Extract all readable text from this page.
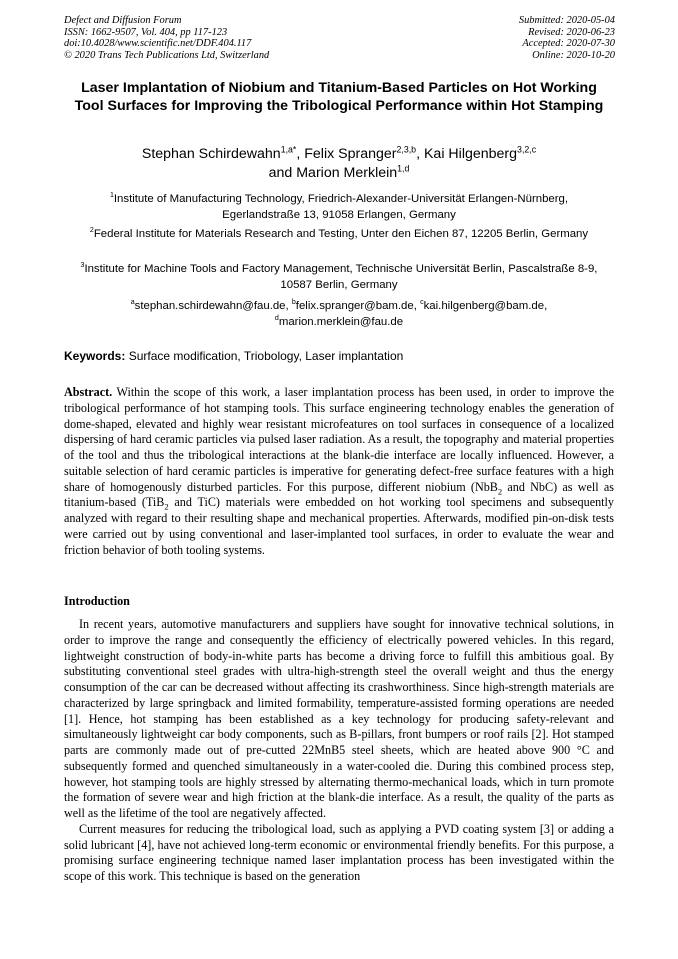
Defect and Diffusion Forum
ISSN: 1662-9507, Vol. 404, pp 117-123
doi:10.4028/www.scientific.net/DDF.404.117
© 2020 Trans Tech Publications Ltd, Switzerland
Submitted: 2020-05-04
Revised: 2020-06-23
Accepted: 2020-07-30
Online: 2020-10-20
Laser Implantation of Niobium and Titanium-Based Particles on Hot Working Tool Surfaces for Improving the Tribological Performance within Hot Stamping
Stephan Schirdewahn$^{1,a*}$, Felix Spranger$^{2,3,b}$, Kai Hilgenberg$^{3,2,c}$
and Marion Merklein$^{1,d}$
$^1$Institute of Manufacturing Technology, Friedrich-Alexander-Universität Erlangen-Nürnberg, Egerlandstraße 13, 91058 Erlangen, Germany
$^2$Federal Institute for Materials Research and Testing, Unter den Eichen 87, 12205 Berlin, Germany
$^3$Institute for Machine Tools and Factory Management, Technische Universität Berlin, Pascalstraße 8-9, 10587 Berlin, Germany
$^a$stephan.schirdewahn@fau.de, $^b$felix.spranger@bam.de, $^c$kai.hilgenberg@bam.de,
$^d$marion.merklein@fau.de
Keywords: Surface modification, Triobology, Laser implantation

Abstract. Within the scope of this work, a laser implantation process has been used, in order to improve the tribological performance of hot stamping tools. This surface engineering technology enables the generation of dome-shaped, elevated and highly wear resistant microfeatures on tool surfaces in consequence of a localized dispersing of hard ceramic particles via pulsed laser radiation. As a result, the topography and material properties of the tool and thus the tribological interactions at the blank-die interface are locally influenced. However, a suitable selection of hard ceramic particles is imperative for generating defect-free surface features with a high share of homogenously disturbed particles. For this purpose, different niobium (NbB$_2$ and NbC) as well as titanium-based (TiB$_2$ and TiC) materials were embedded on hot working tool specimens and subsequently analyzed with regard to their resulting shape and mechanical properties. Afterwards, modified pin-on-disk tests were carried out by using conventional and laser-implanted tool surfaces, in order to evaluate the wear and friction behavior of both tooling systems.

Introduction

In recent years, automotive manufacturers and suppliers have sought for innovative technical solutions, in order to improve the range and consequently the efficiency of electrically powered vehicles. In this regard, lightweight construction of body-in-white parts has become a driving force to fulfill this ambitious goal. By substituting conventional steel grades with ultra-high-strength steel the overall weight and thus the energy consumption of the car can be decreased without affecting its crashworthiness. Since high-strength materials are characterized by large springback and limited formability, temperature-assisted forming operations are needed [1]. Hence, hot stamping has been established as a key technology for producing safety-relevant and simultaneously lightweight car body components, such as B-pillars, front bumpers or roof rails [2]. Hot stamped parts are commonly made out of pre-cutted 22MnB5 steel sheets, which are heated above 900 °C and subsequently formed and quenched simultaneously in a water-cooled die. During this combined process step, however, hot stamping tools are highly stressed by alternating thermo-mechanical loads, which in turn promote the formation of severe wear and high friction at the blank-die interface. As a result, the quality of the parts as well as the lifetime of the tool are negatively affected.

Current measures for reducing the tribological load, such as applying a PVD coating system [3] or adding a solid lubricant [4], have not achieved long-term economic or environmental friendly benefits. For this purpose, a promising surface engineering technique named laser implantation process has been investigated within the scope of this work. This technique is based on the generation
